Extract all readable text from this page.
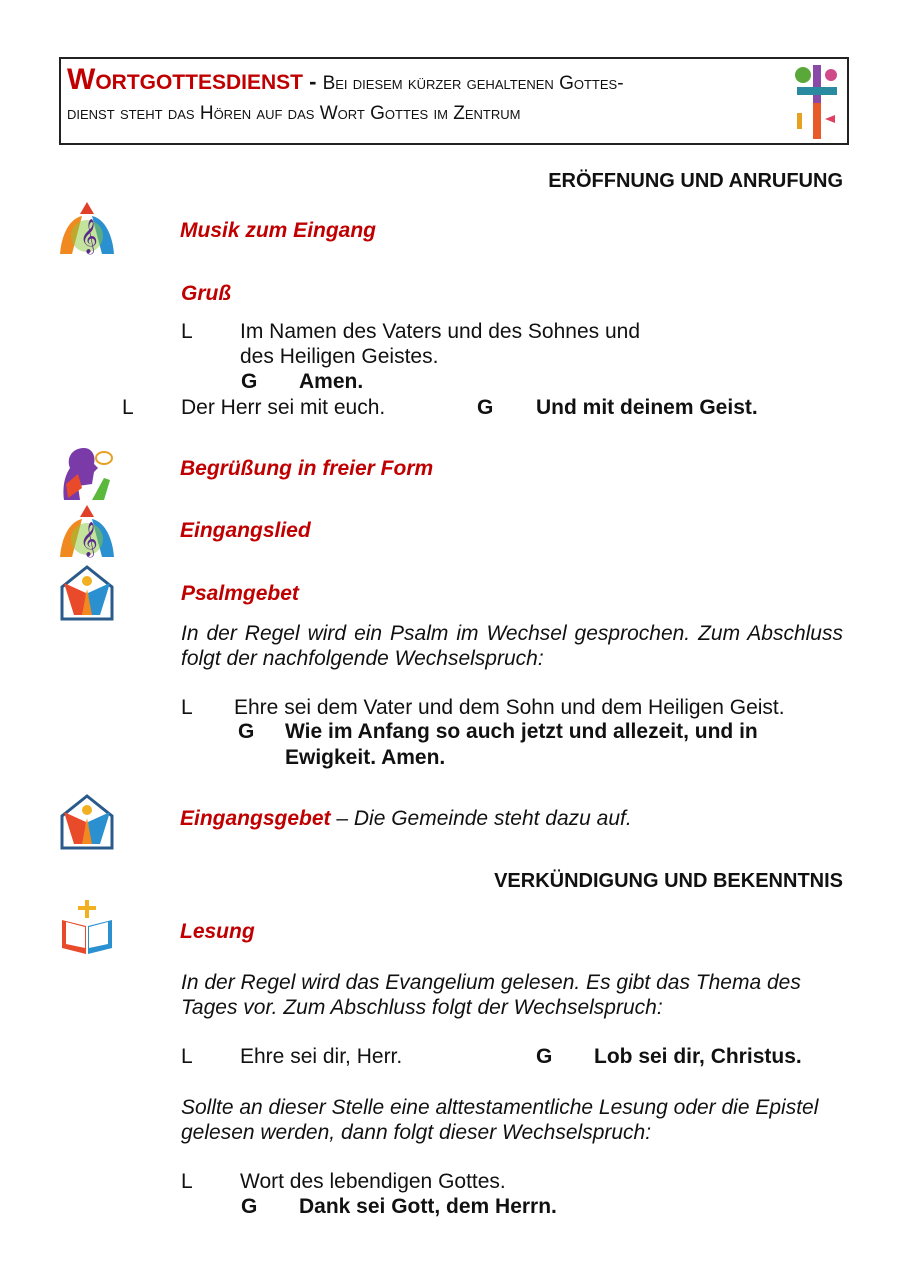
Wortgottesdienst - Bei diesem kürzer gehaltenen Gottes-
dienst steht das Hören auf das Wort Gottes im Zentrum
ERÖFFNUNG UND ANRUFUNG
𝄞	Musik zum Eingang
Gruß
L Im Namen des Vaters und des Sohnes und
des Heiligen Geistes.
G Amen.
L Der Herr sei mit euch.	G Und mit deinem Geist.
Begrüßung in freier Form
𝄞	Eingangslied
Psalmgebet
In der Regel wird ein Psalm im Wechsel gesprochen. Zum Abschluss folgt der nachfolgende Wechselspruch:
L Ehre sei dem Vater und dem Sohn und dem Heiligen Geist.
G Wie im Anfang so auch jetzt und allezeit, und in
Ewigkeit. Amen.
Eingangsgebet – Die Gemeinde steht dazu auf.
VERKÜNDIGUNG UND BEKENNTNIS
Lesung
In der Regel wird das Evangelium gelesen. Es gibt das Thema des Tages vor. Zum Abschluss folgt der Wechselspruch:
L Ehre sei dir, Herr.	G Lob sei dir, Christus.
Sollte an dieser Stelle eine alttestamentliche Lesung oder die Epistel gelesen werden, dann folgt dieser Wechselspruch:
L Wort des lebendigen Gottes.
G Dank sei Gott, dem Herrn.
